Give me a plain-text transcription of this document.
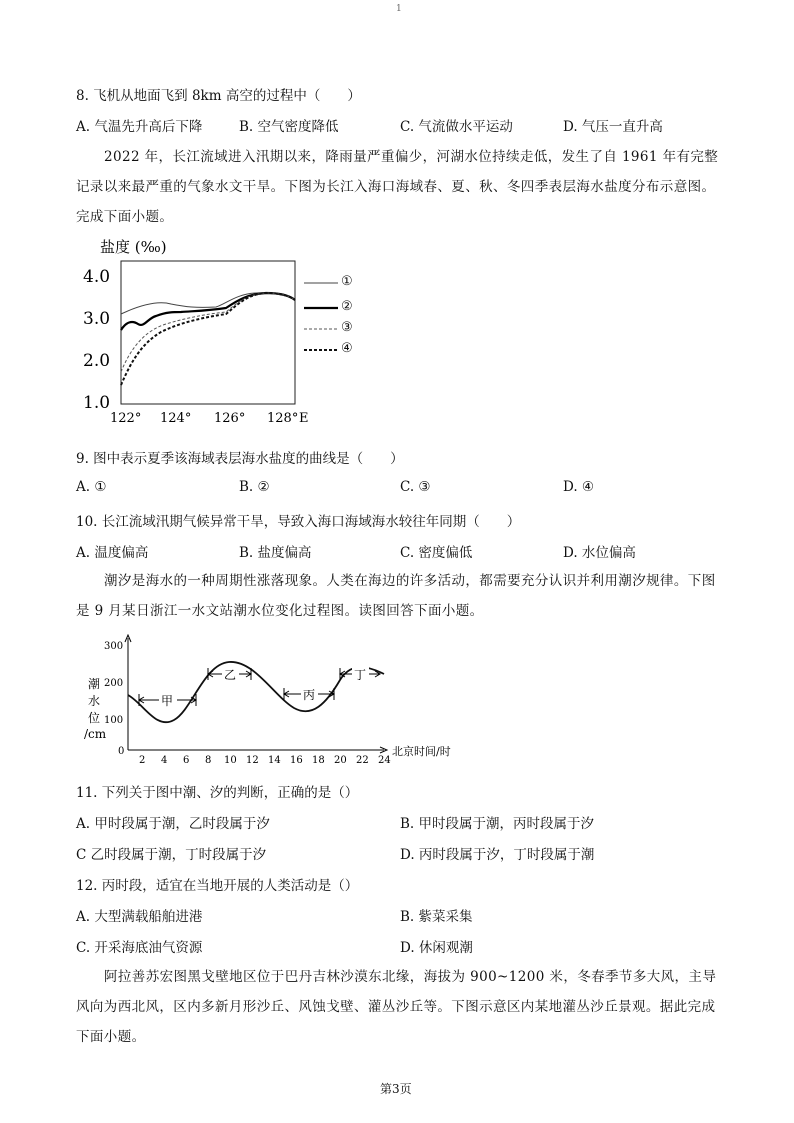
1
8. 飞机从地面飞到 8km 高空的过程中（　　）
A. 气温先升高后下降	B. 空气密度降低	C. 气流做水平运动	D. 气压一直升高

2022 年，长江流域进入汛期以来，降雨量严重偏少，河湖水位持续走低，发生了自 1961 年有完整记录以来最严重的气象水文干旱。下图为长江入海口海域春、夏、秋、冬四季表层海水盐度分布示意图。完成下面小题。

盐度 (‰)
4.0
3.0
2.0
1.0
122° 124° 126° 128° E
①
②
③
④
9. 图中表示夏季该海域表层海水盐度的曲线是（　　）
A. ①	B. ②	C. ③	D. ④
10. 长江流域汛期气候异常干旱，导致入海口海域海水较往年同期（　　）
A. 温度偏高	B. 盐度偏高	C. 密度偏低	D. 水位偏高

潮汐是海水的一种周期性涨落现象。人类在海边的许多活动，都需要充分认识并利用潮汐规律。下图是 9 月某日浙江一水文站潮水位变化过程图。读图回答下面小题。

潮
水
位
/cm
300
200
100
0
2 4 6 8 10 12 14 16 18 20 22 24
北京时间/时
甲
乙
丙
丁
11. 下列关于图中潮、汐的判断，正确的是（）
A. 甲时段属于潮，乙时段属于汐	B. 甲时段属于潮，丙时段属于汐
C 乙时段属于潮，丁时段属于汐	D. 丙时段属于汐，丁时段属于潮
12. 丙时段，适宜在当地开展的人类活动是（）
A. 大型满载船舶进港	B. 紫菜采集
C. 开采海底油气资源	D. 休闲观潮

阿拉善苏宏图黑戈壁地区位于巴丹吉林沙漠东北缘，海拔为 900~1200 米，冬春季节多大风，主导风向为西北风，区内多新月形沙丘、风蚀戈壁、灌丛沙丘等。下图示意区内某地灌丛沙丘景观。据此完成下面小题。

第3页
